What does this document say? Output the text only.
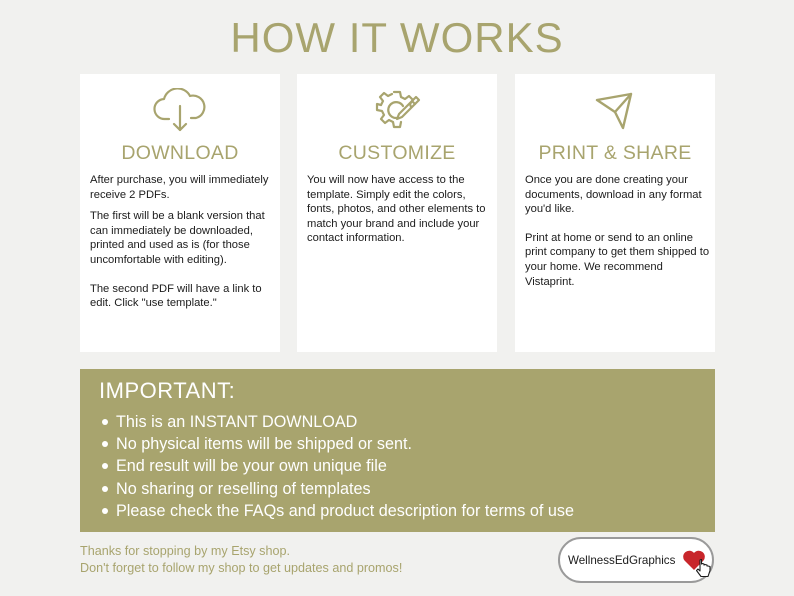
HOW IT WORKS
DOWNLOAD

After purchase, you will immediately receive 2 PDFs.

The first will be a blank version that can immediately be downloaded, printed and used as is (for those uncomfortable with editing).

The second PDF will have a link to edit. Click "use template."

CUSTOMIZE

You will now have access to the template. Simply edit the colors, fonts, photos, and other elements to match your brand and include your contact information.

PRINT & SHARE

Once you are done creating your documents, download in any format you'd like.

Print at home or send to an online print company to get them shipped to your home. We recommend Vistaprint.

IMPORTANT:
This is an INSTANT DOWNLOAD
No physical items will be shipped or sent.
End result will be your own unique file
No sharing or reselling of templates
Please check the FAQs and product description for terms of use
Thanks for stopping by my Etsy shop.
Don't forget to follow my shop to get updates and promos!
WellnessEdGraphics
